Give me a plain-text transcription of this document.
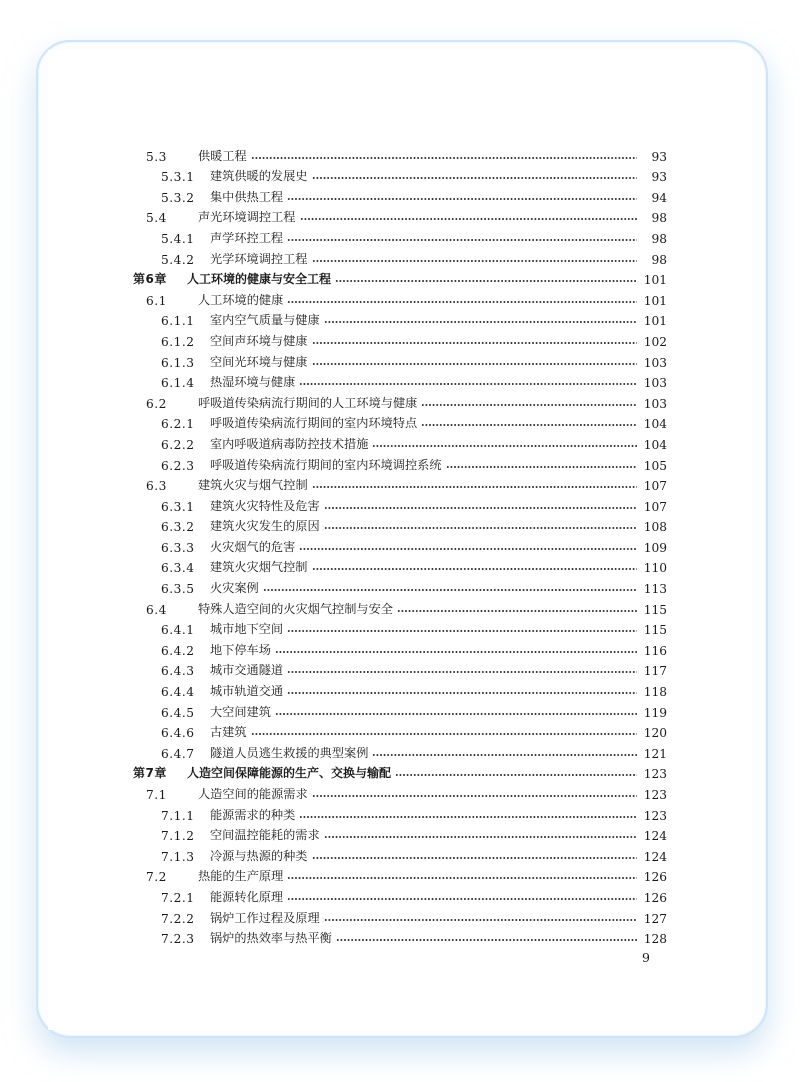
5.3	供暖工程	93
5.3.1	建筑供暖的发展史	93
5.3.2	集中供热工程	94
5.4	声光环境调控工程	98
5.4.1	声学环控工程	98
5.4.2	光学环境调控工程	98
第6章	人工环境的健康与安全工程	101
6.1	人工环境的健康	101
6.1.1	室内空气质量与健康	101
6.1.2	空间声环境与健康	102
6.1.3	空间光环境与健康	103
6.1.4	热湿环境与健康	103
6.2	呼吸道传染病流行期间的人工环境与健康	103
6.2.1	呼吸道传染病流行期间的室内环境特点	104
6.2.2	室内呼吸道病毒防控技术措施	104
6.2.3	呼吸道传染病流行期间的室内环境调控系统	105
6.3	建筑火灾与烟气控制	107
6.3.1	建筑火灾特性及危害	107
6.3.2	建筑火灾发生的原因	108
6.3.3	火灾烟气的危害	109
6.3.4	建筑火灾烟气控制	110
6.3.5	火灾案例	113
6.4	特殊人造空间的火灾烟气控制与安全	115
6.4.1	城市地下空间	115
6.4.2	地下停车场	116
6.4.3	城市交通隧道	117
6.4.4	城市轨道交通	118
6.4.5	大空间建筑	119
6.4.6	古建筑	120
6.4.7	隧道人员逃生救援的典型案例	121
第7章	人造空间保障能源的生产、交换与输配	123
7.1	人造空间的能源需求	123
7.1.1	能源需求的种类	123
7.1.2	空间温控能耗的需求	124
7.1.3	冷源与热源的种类	124
7.2	热能的生产原理	126
7.2.1	能源转化原理	126
7.2.2	锅炉工作过程及原理	127
7.2.3	锅炉的热效率与热平衡	128
9
